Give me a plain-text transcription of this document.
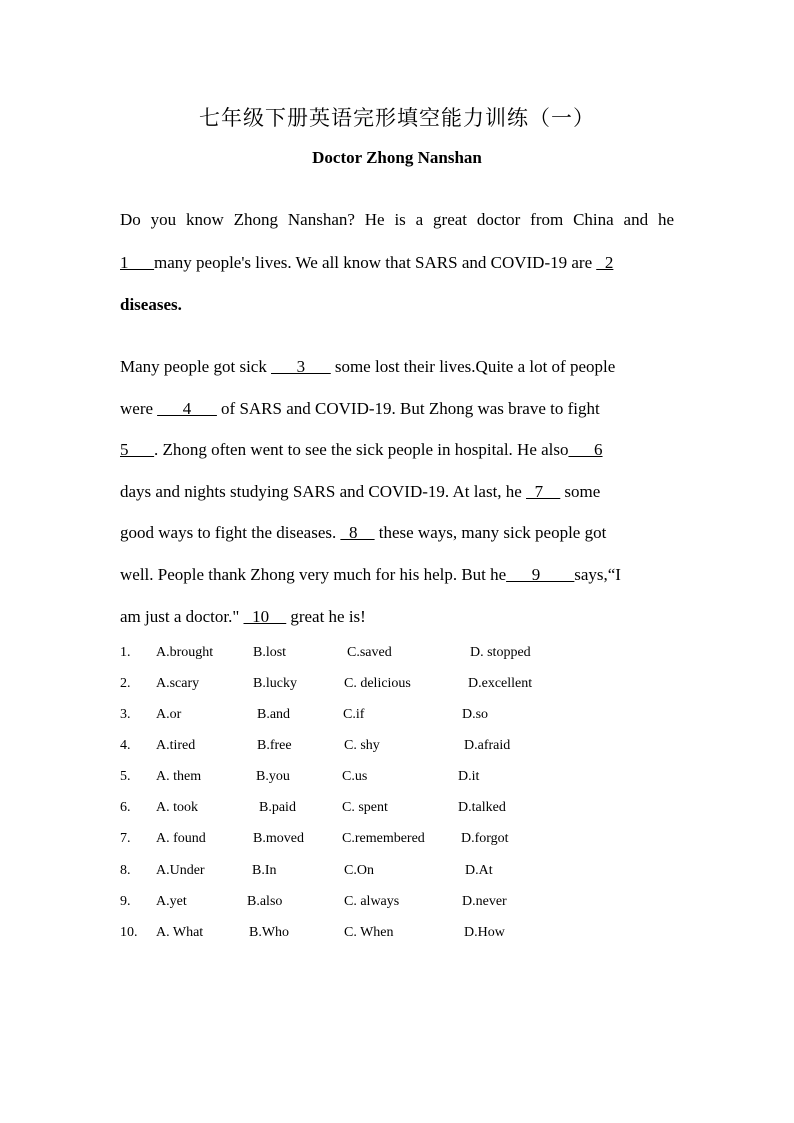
七年级下册英语完形填空能力训练（一）
Doctor Zhong Nanshan
Do you know Zhong Nanshan? He is a great doctor from China and he
1___many people's lives. We all know that SARS and COVID-19 are _2
diseases.
Many people got sick ___3___ some lost their lives.Quite a lot of people
were ___4___ of SARS and COVID-19. But Zhong was brave to fight
5___. Zhong often went to see the sick people in hospital. He also___6
days and nights studying SARS and COVID-19. At last, he _7__ some
good ways to fight the diseases. _8__ these ways, many sick people got
well. People thank Zhong very much for his help. But he___9____says,“I
am just a doctor." _10__ great he is!
1. A.brought	B.lost	C.saved	D. stopped
2. A.scary	B.lucky	C. delicious	D.excellent
3. A.or	B.and	C.if	D.so
4. A.tired	B.free	C. shy	D.afraid
5. A. them	B.you	C.us	D.it
6. A. took	B.paid	C. spent	D.talked
7. A. found	B.moved	C.remembered	D.forgot
8. A.Under	B.In	C.On	D.At
9. A.yet	B.also	C. always	D.never
10. A. What	B.Who	C. When	D.How
